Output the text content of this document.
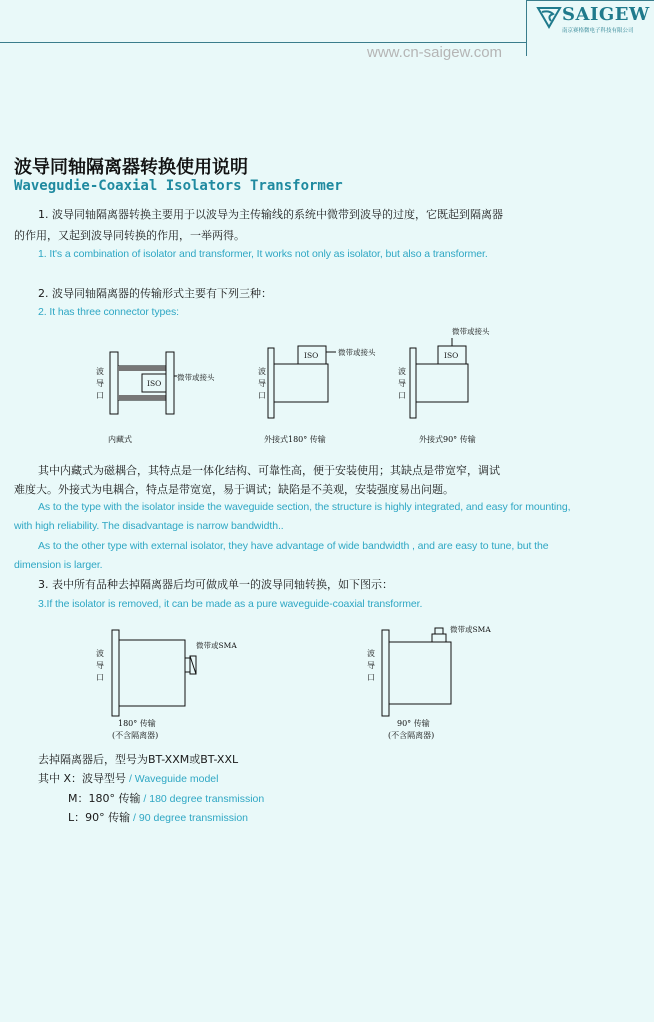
SAIGEW
南京赛格微电子科技有限公司
www.cn-saigew.com
波导同轴隔离器转换使用说明
Wavegudie-Coaxial Isolators Transformer
1. 波导同轴隔离器转换主要用于以波导为主传输线的系统中微带到波导的过度，它既起到隔离器
的作用，又起到波导同转换的作用，一举两得。
1. It's a combination of isolator and transformer, It works not only as isolator, but also a transformer.
2. 波导同轴隔离器的传输形式主要有下列三种：
2. It has three connector types:
ISO
微带或接头
ISO	微带或接头	ISO
微带或接头
波
导
口
波
导
口
波
导
口
内藏式	外接式180° 传输	外接式90° 传输
其中内藏式为磁耦合，其特点是一体化结构、可靠性高，便于安装使用；其缺点是带宽窄，调试
难度大。外接式为电耦合，特点是带宽宽，易于调试；缺陷是不美观，安装强度易出问题。
As to the type with the isolator inside the waveguide section, the structure is highly integrated, and easy for mounting,
with high reliability. The disadvantage is narrow bandwidth..
As to the other type with external isolator, they have advantage of wide bandwidth , and are easy to tune, but the
dimension is larger.
3. 表中所有品种去掉隔离器后均可做成单一的波导同轴转换，如下图示：
3.If the isolator is removed, it can be made as a pure waveguide-coaxial transformer.
微带或SMA
微带或SMA
波
导
口
波
导
口
180° 传输
(不含隔离器)
90° 传输
(不含隔离器)
去掉隔离器后，型号为BT-XXM或BT-XXL
其中 X：波导型号 / Waveguide model
M：180° 传输 / 180 degree transmission
L：90° 传输 / 90 degree transmission
